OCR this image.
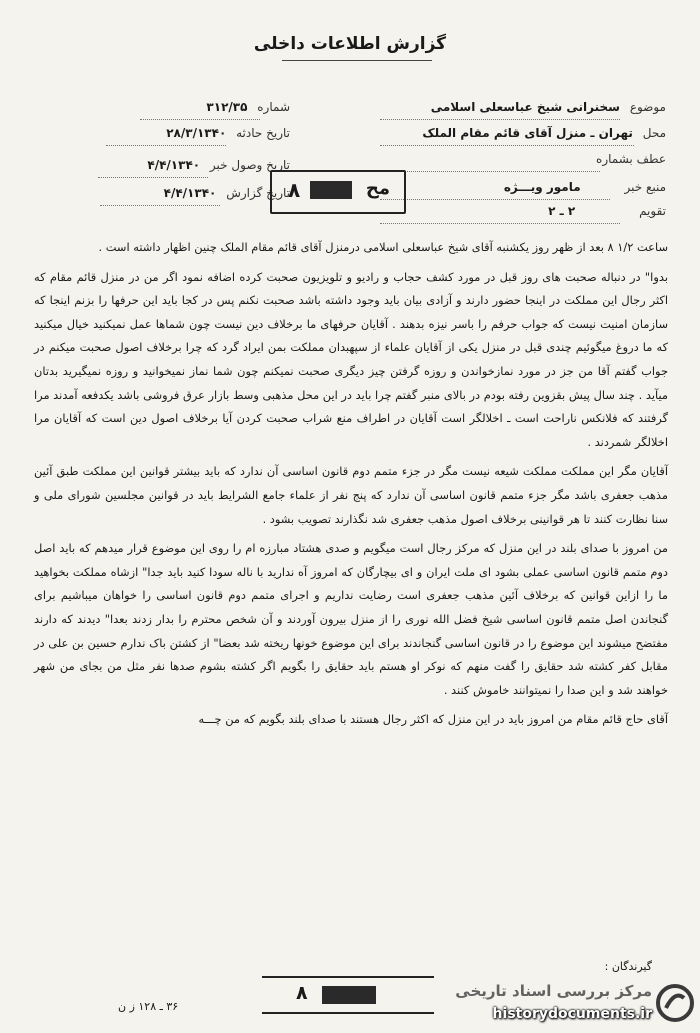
گزارش اطلاعات داخلی
موضوع سخنرانی شیخ عباسعلی اسلامی
محل تهران ـ منزل آقای قائم مقام الملک
عطف بشماره
منبع خبر مامور ویـــژه
تقویم ۲ ـ ۲
شماره ۳۱۲/۳۵
تاریخ حادثه ۲۸/۳/۱۳۴۰
تاریخ وصول خبر ۴/۴/۱۳۴۰
تاریخ گزارش ۴/۴/۱۳۴۰	۸	مح

ساعت ۱/۲ ۸ بعد از ظهر روز یکشنبه آقای شیخ عباسعلی اسلامی درمنزل آقای قائم مقام الملک چنین اظهار داشته است .

بدوا" در دنباله صحبت های روز قبل در مورد کشف حجاب و رادیو و تلویزیون صحبت کرده اضافه نمود اگر من در منزل قائم مقام که اکثر رجال این مملکت در اینجا حضور دارند و آزادی بیان باید وجود داشته باشد صحبت نکنم پس در کجا باید این حرفها را بزنم اینجا که سازمان امنیت نیست که جواب حرفم را باسر نیزه بدهند . آقایان حرفهای ما برخلاف دین نیست چون شماها عمل نمیکنید خیال میکنید که ما دروغ میگوئیم چندی قبل در منزل یکی از آقایان علماء از سپهبدان مملکت بمن ایراد گرد که چرا برخلاف اصول صحبت میکنم در جواب گفتم آقا من جز در مورد نمازخواندن و روزه گرفتن چیز دیگری صحبت نمیکنم چون شما نماز نمیخوانید و روزه نمیگیرید بدتان میآید . چند سال پیش بقزوین رفته بودم در بالای منبر گفتم چرا باید در این محل مذهبی وسط بازار عرق فروشی باشد یکدفعه آمدند مرا گرفتند که فلانکس ناراحت است ـ اخلالگر است آقایان در اطراف منع شراب صحبت کردن آیا برخلاف اصول دین است که آقایان مرا اخلالگر شمردند .

آقایان مگر این مملکت مملکت شیعه نیست مگر در جزء متمم دوم قانون اساسی آن ندارد که باید بیشتر قوانین این مملکت طبق آئین مذهب جعفری باشد مگر جزء متمم قانون اساسی آن ندارد که پنج نفر از علماء جامع الشرایط باید در قوانین مجلسین شورای ملی و سنا نظارت کنند تا هر قوانینی برخلاف اصول مذهب جعفری شد نگذارند تصویب بشود .

من امروز با صدای بلند در این منزل که مرکز رجال است میگویم و صدی هشتاد مبارزه ام را روی این موضوع قرار میدهم که باید اصل دوم متمم قانون اساسی عملی بشود ای ملت ایران و ای بیچارگان که امروز آه ندارید با ناله سودا کنید باید جدا" ازشاه مملکت بخواهید ما را ازاین قوانین که برخلاف آئین مذهب جعفری است رضایت نداریم و اجرای متمم دوم قانون اساسی را خواهان میباشیم برای گنجاندن اصل متمم قانون اساسی شیخ فضل الله نوری را از منزل بیرون آوردند و آن شخص محترم را بدار زدند بعدا" دیدند که دارند مفتضح میشوند این موضوع را در قانون اساسی گنجاندند برای این موضوع خونها ریخته شد بعضا" از کشتن باک ندارم حسین بن علی در مقابل کفر کشته شد حقایق را گفت منهم که نوکر او هستم باید حقایق را بگویم اگر کشته بشوم صدها نفر مثل من بجای من شهر خواهند شد و این صدا را نمیتوانند خاموش کنند .

آقای حاج قائم مقام من امروز باید در این منزل که اکثر رجال هستند با صدای بلند بگویم که من چـــه

گیرندگان :
۸
۳۶ ـ ۱۲۸ ز ن
مرکز بررسی اسناد تاریخی
historydocuments.ir
